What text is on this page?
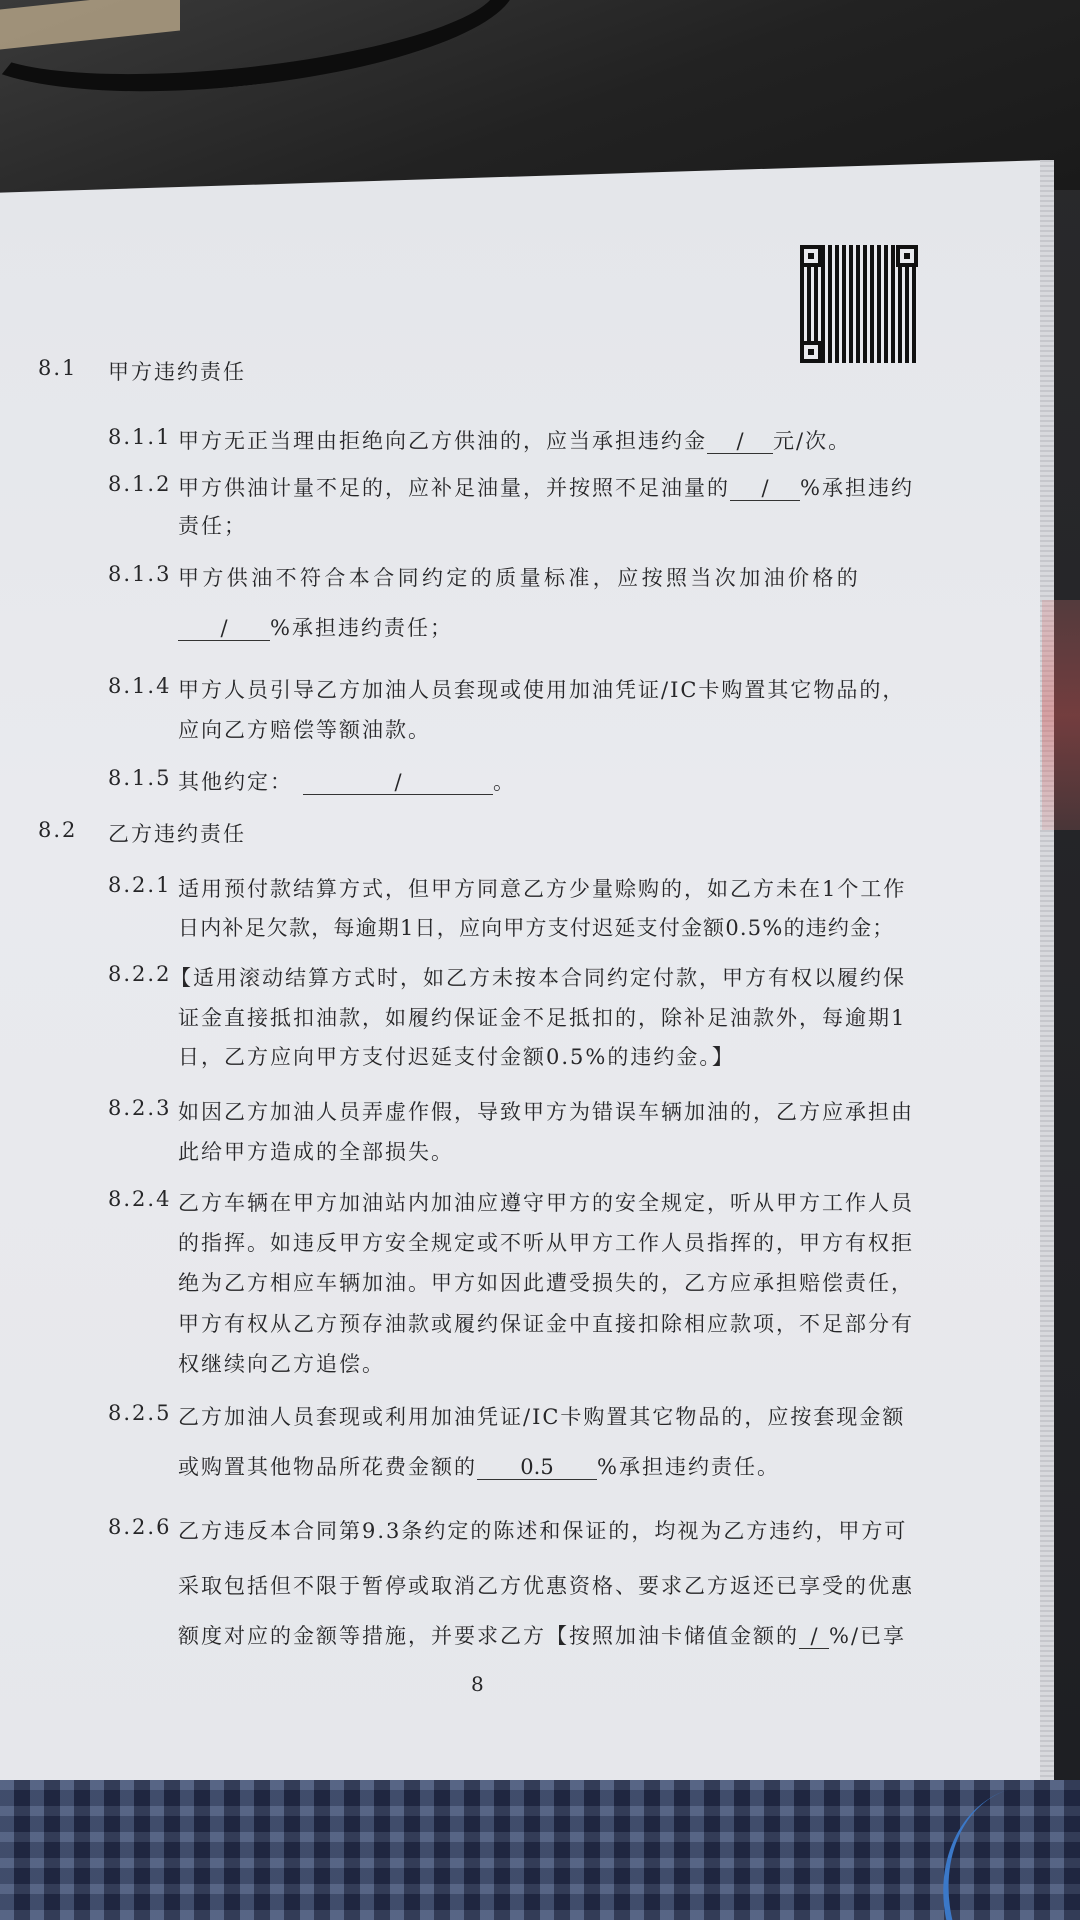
8.1 甲方违约责任
8.1.1 甲方无正当理由拒绝向乙方供油的，应当承担违约金 / 元/次。
8.1.2 甲方供油计量不足的，应补足油量，并按照不足油量的 / %承担违约
责任；
8.1.3 甲方供油不符合本合同约定的质量标准，应按照当次加油价格的
/ %承担违约责任；
8.1.4 甲方人员引导乙方加油人员套现或使用加油凭证/IC卡购置其它物品的，
应向乙方赔偿等额油款。
8.1.5 其他约定：	/	。
8.2 乙方违约责任
8.2.1 适用预付款结算方式，但甲方同意乙方少量赊购的，如乙方未在1个工作
日内补足欠款，每逾期1日，应向甲方支付迟延支付金额0.5%的违约金；
8.2.2
【适用滚动结算方式时，如乙方未按本合同约定付款，甲方有权以履约保
证金直接抵扣油款，如履约保证金不足抵扣的，除补足油款外，每逾期1
日，乙方应向甲方支付迟延支付金额0.5%的违约金。】
8.2.3 如因乙方加油人员弄虚作假，导致甲方为错误车辆加油的，乙方应承担由
此给甲方造成的全部损失。
8.2.4 乙方车辆在甲方加油站内加油应遵守甲方的安全规定，听从甲方工作人员
的指挥。如违反甲方安全规定或不听从甲方工作人员指挥的，甲方有权拒
绝为乙方相应车辆加油。甲方如因此遭受损失的，乙方应承担赔偿责任，
甲方有权从乙方预存油款或履约保证金中直接扣除相应款项，不足部分有
权继续向乙方追偿。
8.2.5 乙方加油人员套现或利用加油凭证/IC卡购置其它物品的，应按套现金额
或购置其他物品所花费金额的 0.5 %承担违约责任。
8.2.6 乙方违反本合同第9.3条约定的陈述和保证的，均视为乙方违约，甲方可
采取包括但不限于暂停或取消乙方优惠资格、要求乙方返还已享受的优惠
额度对应的金额等措施，并要求乙方【按照加油卡储值金额的 / %/已享
8
